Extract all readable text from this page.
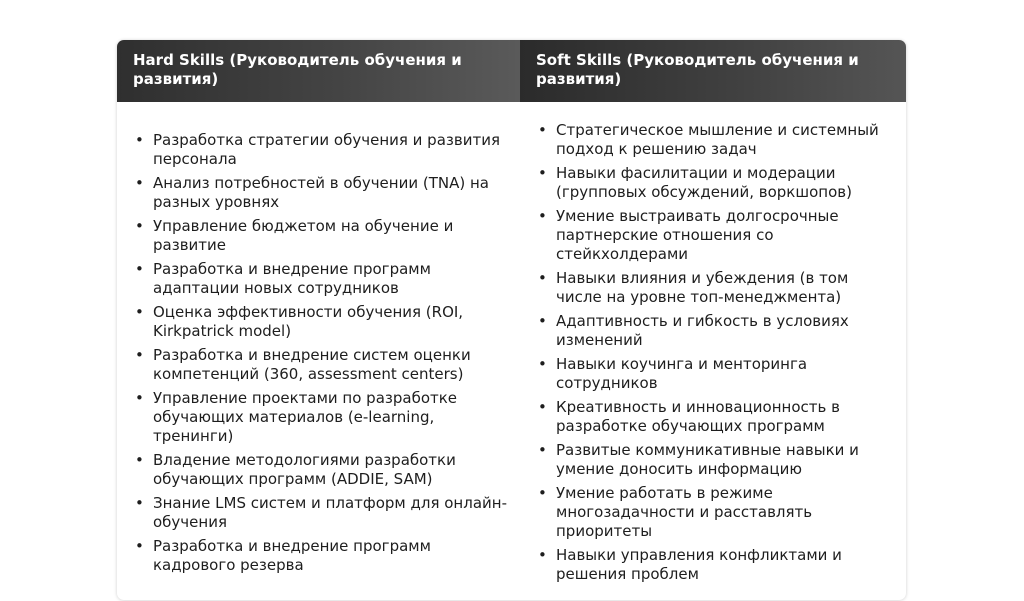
Hard Skills (Руководитель обучения и развития)
Soft Skills (Руководитель обучения и развития)
• Разработка стратегии обучения и развития персонала
• Анализ потребностей в обучении (TNA) на разных уровнях
• Управление бюджетом на обучение и развитие
• Разработка и внедрение программ адаптации новых сотрудников
• Оценка эффективности обучения (ROI, Kirkpatrick model)
• Разработка и внедрение систем оценки компетенций (360, assessment centers)
• Управление проектами по разработке обучающих материалов (e-learning, тренинги)
• Владение методологиями разработки обучающих программ (ADDIE, SAM)
• Знание LMS систем и платформ для онлайн-обучения
• Разработка и внедрение программ кадрового резерва
• Стратегическое мышление и системный подход к решению задач
• Навыки фасилитации и модерации (групповых обсуждений, воркшопов)
• Умение выстраивать долгосрочные партнерские отношения со стейкхолдерами
• Навыки влияния и убеждения (в том числе на уровне топ-менеджмента)
• Адаптивность и гибкость в условиях изменений
• Навыки коучинга и менторинга сотрудников
• Креативность и инновационность в разработке обучающих программ
• Развитые коммуникативные навыки и умение доносить информацию
• Умение работать в режиме многозадачности и расставлять приоритеты
• Навыки управления конфликтами и решения проблем
